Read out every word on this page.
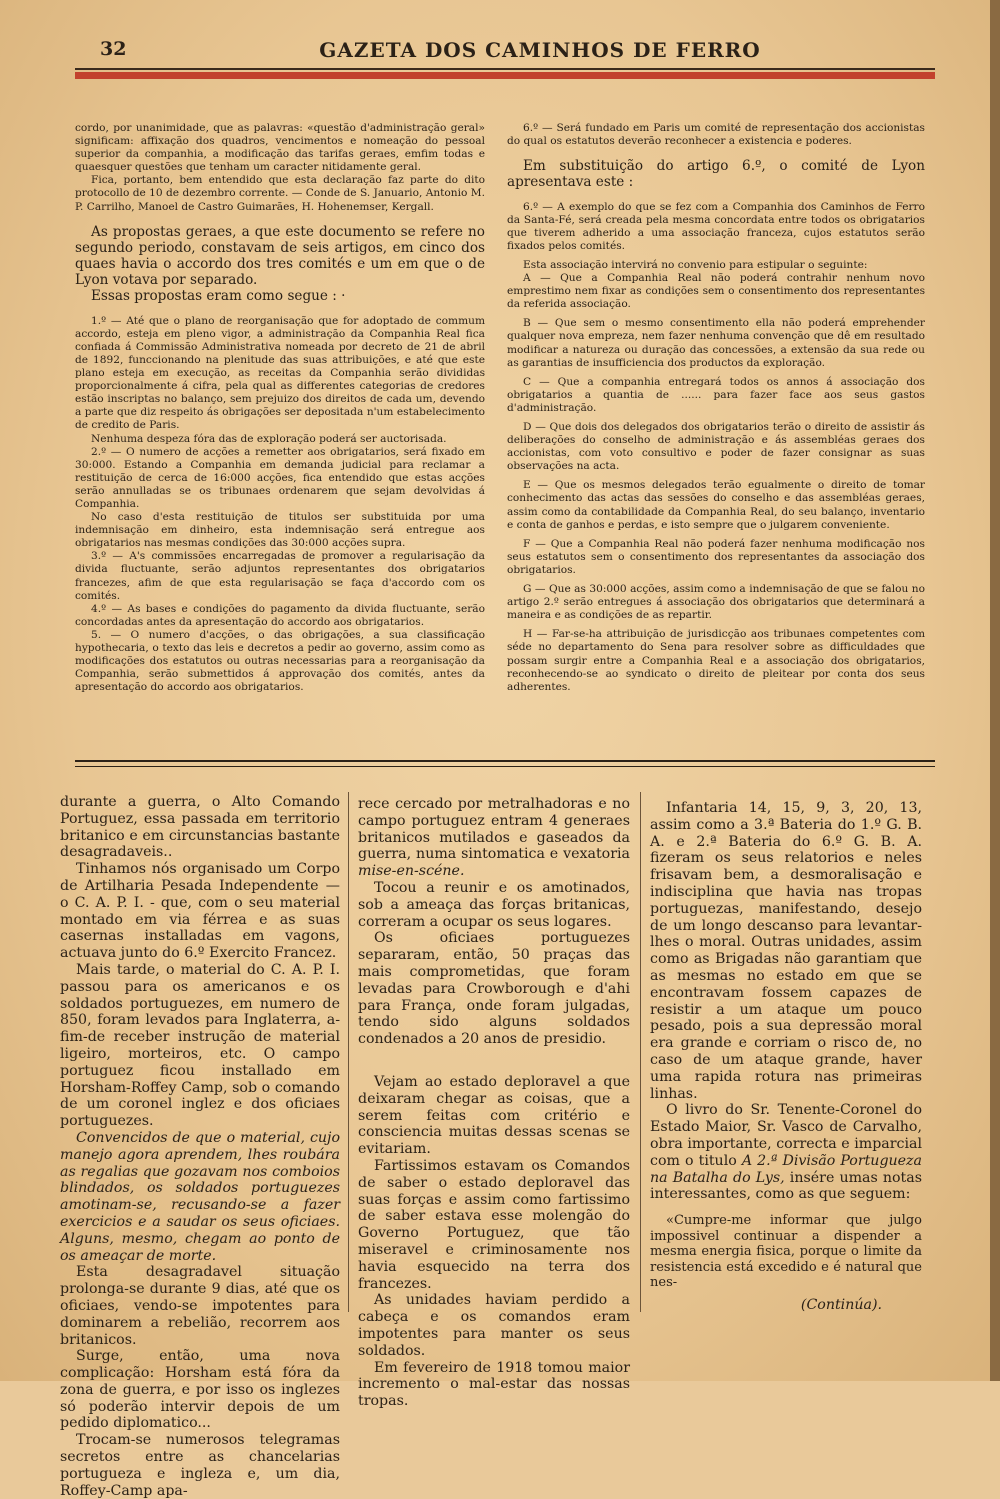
32	GAZETA DOS CAMINHOS DE FERRO

cordo, por unanimidade, que as palavras: «questão d'administração geral» significam: affixação dos quadros, vencimentos e nomeação do pessoal superior da companhia, a modificação das tarifas geraes, emfim todas e quaesquer questões que tenham um caracter nitidamente geral.

Fica, portanto, bem entendido que esta declaração faz parte do dito protocollo de 10 de dezembro corrente. — Conde de S. Januario, Antonio M. P. Carrilho, Manoel de Castro Guimarães, H. Hohenemser, Kergall.

As propostas geraes, a que este documento se refere no segundo periodo, constavam de seis artigos, em cinco dos quaes havia o accordo dos tres comités e um em que o de Lyon votava por separado.

Essas propostas eram como segue : ·

1.º — Até que o plano de reorganisação que for adoptado de commum accordo, esteja em pleno vigor, a administração da Companhia Real fica confiada á Commissão Administrativa nomeada por decreto de 21 de abril de 1892, funccionando na plenitude das suas attribuições, e até que este plano esteja em execução, as receitas da Companhia serão divididas proporcionalmente á cifra, pela qual as differentes categorias de credores estão inscriptas no balanço, sem prejuizo dos direitos de cada um, devendo a parte que diz respeito ás obrigações ser depositada n'um estabelecimento de credito de Paris.

Nenhuma despeza fóra das de exploração poderá ser auctorisada.

2.º — O numero de acções a remetter aos obrigatarios, será fixado em 30:000. Estando a Companhia em demanda judicial para reclamar a restituição de cerca de 16:000 acções, fica entendido que estas acções serão annulladas se os tribunaes ordenarem que sejam devolvidas á Companhia.

No caso d'esta restituição de titulos ser substituida por uma indemnisação em dinheiro, esta indemnisação será entregue aos obrigatarios nas mesmas condições das 30:000 acções supra.

3.º — A's commissões encarregadas de promover a regularisação da divida fluctuante, serão adjuntos representantes dos obrigatarios francezes, afim de que esta regularisação se faça d'accordo com os comités.

4.º — As bases e condições do pagamento da divida fluctuante, serão concordadas antes da apresentação do accordo aos obrigatarios.

5. — O numero d'acções, o das obrigações, a sua classificação hypothecaria, o texto das leis e decretos a pedir ao governo, assim como as modificações dos estatutos ou outras necessarias para a reorganisação da Companhia, serão submettidos á approvação dos comités, antes da apresentação do accordo aos obrigatarios.

6.º — Será fundado em Paris um comité de representação dos accionistas do qual os estatutos deverão reconhecer a existencia e poderes.

Em substituição do artigo 6.º, o comité de Lyon apresentava este :

6.º — A exemplo do que se fez com a Companhia dos Caminhos de Ferro da Santa-Fé, será creada pela mesma concordata entre todos os obrigatarios que tiverem adherido a uma associação franceza, cujos estatutos serão fixados pelos comités.

Esta associação intervirá no convenio para estipular o seguinte:

A — Que a Companhia Real não poderá contrahir nenhum novo emprestimo nem fixar as condições sem o consentimento dos representantes da referida associação.

B — Que sem o mesmo consentimento ella não poderá emprehender qualquer nova empreza, nem fazer nenhuma convenção que dê em resultado modificar a natureza ou duração das concessões, a extensão da sua rede ou as garantias de insufficiencia dos productos da exploração.

C — Que a companhia entregará todos os annos á associação dos obrigatarios a quantia de ...... para fazer face aos seus gastos d'administração.

D — Que dois dos delegados dos obrigatarios terão o direito de assistir ás deliberações do conselho de administração e ás assembléas geraes dos accionistas, com voto consultivo e poder de fazer consignar as suas observações na acta.

E — Que os mesmos delegados terão egualmente o direito de tomar conhecimento das actas das sessões do conselho e das assembléas geraes, assim como da contabilidade da Companhia Real, do seu balanço, inventario e conta de ganhos e perdas, e isto sempre que o julgarem conveniente.

F — Que a Companhia Real não poderá fazer nenhuma modificação nos seus estatutos sem o consentimento dos representantes da associação dos obrigatarios.

G — Que as 30:000 acções, assim como a indemnisação de que se falou no artigo 2.º serão entregues á associação dos obrigatarios que determinará a maneira e as condições de as repartir.

H — Far-se-ha attribuição de jurisdicção aos tribunaes competentes com séde no departamento do Sena para resolver sobre as difficuldades que possam surgir entre a Companhia Real e a associação dos obrigatarios, reconhecendo-se ao syndicato o direito de pleitear por conta dos seus adherentes.

durante a guerra, o Alto Comando Portuguez, essa passada em territorio britanico e em circunstancias bastante desagradaveis..

Tinhamos nós organisado um Corpo de Artilharia Pesada Independente — o C. A. P. I. - que, com o seu material montado em via férrea e as suas casernas installadas em vagons, actuava junto do 6.º Exercito Francez.

Mais tarde, o material do C. A. P. I. passou para os americanos e os soldados portuguezes, em numero de 850, foram levados para Inglaterra, a-fim-de receber instrução de material ligeiro, morteiros, etc. O campo portuguez ficou installado em Horsham-Roffey Camp, sob o comando de um coronel inglez e dos oficiaes portuguezes.

Convencidos de que o material, cujo manejo agora aprendem, lhes roubára as regalias que gozavam nos comboios blindados, os soldados portuguezes amotinam-se, recusando-se a fazer exercicios e a saudar os seus oficiaes. Alguns, mesmo, chegam ao ponto de os ameaçar de morte.

Esta desagradavel situação prolonga-se durante 9 dias, até que os oficiaes, vendo-se impotentes para dominarem a rebelião, recorrem aos britanicos.

Surge, então, uma nova complicação: Horsham está fóra da zona de guerra, e por isso os inglezes só poderão intervir depois de um pedido diplomatico...

Trocam-se numerosos telegramas secretos entre as chancelarias portugueza e ingleza e, um dia, Roffey-Camp apa-

rece cercado por metralhadoras e no campo portuguez entram 4 generaes britanicos mutilados e gaseados da guerra, numa sintomatica e vexatoria mise-en-scéne.

Tocou a reunir e os amotinados, sob a ameaça das forças britanicas, correram a ocupar os seus logares.

Os oficiaes portuguezes separaram, então, 50 praças das mais comprometidas, que foram levadas para Crowborough e d'ahi para França, onde foram julgadas, tendo sido alguns soldados condenados a 20 anos de presidio.

Vejam ao estado deploravel a que deixaram chegar as coisas, que a serem feitas com critério e consciencia muitas dessas scenas se evitariam.

Fartissimos estavam os Comandos de saber o estado deploravel das suas forças e assim como fartissimo de saber estava esse molengão do Governo Portuguez, que tão miseravel e criminosamente nos havia esquecido na terra dos francezes.

As unidades haviam perdido a cabeça e os comandos eram impotentes para manter os seus soldados.

Em fevereiro de 1918 tomou maior incremento o mal-estar das nossas tropas.

Infantaria 14, 15, 9, 3, 20, 13, assim como a 3.ª Bateria do 1.º G. B. A. e 2.ª Bateria do 6.º G. B. A. fizeram os seus relatorios e neles frisavam bem, a desmoralisação e indisciplina que havia nas tropas portuguezas, manifestando, desejo de um longo descanso para levantar-lhes o moral. Outras unidades, assim como as Brigadas não garantiam que as mesmas no estado em que se encontravam fossem capazes de resistir a um ataque um pouco pesado, pois a sua depressão moral era grande e corriam o risco de, no caso de um ataque grande, haver uma rapida rotura nas primeiras linhas.

O livro do Sr. Tenente-Coronel do Estado Maior, Sr. Vasco de Carvalho, obra importante, correcta e imparcial com o titulo A 2.ª Divisão Portugueza na Batalha do Lys, insére umas notas interessantes, como as que seguem:

«Cumpre-me informar que julgo impossivel continuar a dispender a mesma energia fisica, porque o limite da resistencia está excedido e é natural que nes-

(Continúa).
